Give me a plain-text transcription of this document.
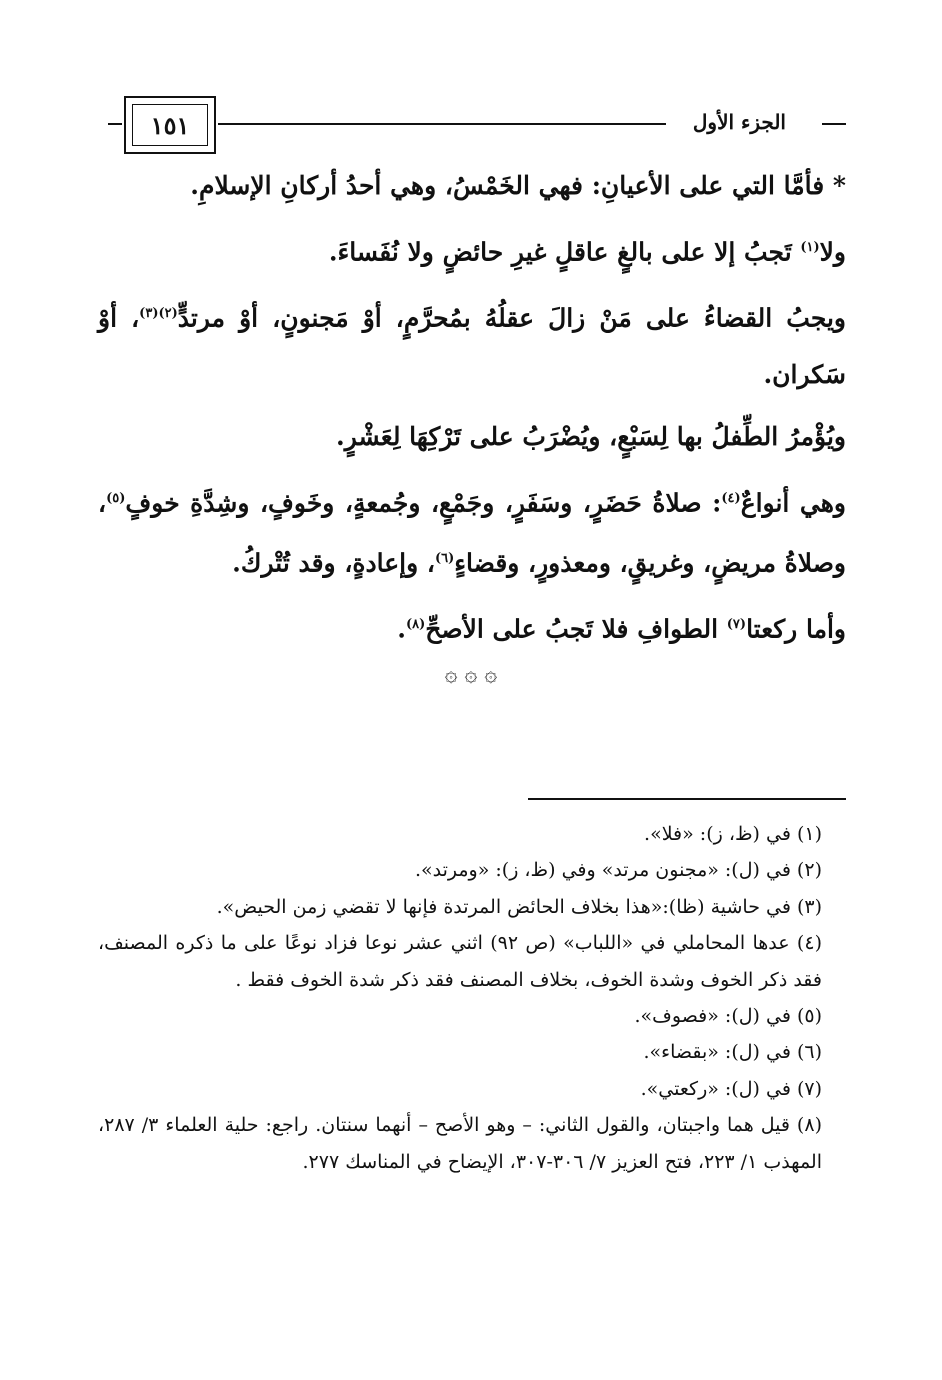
١٥١	الجزء الأول

* فأمَّا التي على الأعيانِ: فهي الخَمْسُ، وهي أحدُ أركانِ الإسلامِ.

ولا$^{(١)}$ تَجبُ إلا على بالغٍ عاقلٍ غيرِ حائضٍ ولا نُفَساءَ.

ويجبُ القضاءُ على مَنْ زالَ عقلُهُ بمُحرَّمٍ، أوْ مَجنونٍ، أوْ مرتدٍّ$^{(٢)(٣)}$، أوْ سَكران.

ويُؤْمرُ الطِّفلُ بها لِسَبْعٍ، ويُضْرَبُ على تَرْكِهَا لِعَشْرٍ.

وهي أنواعٌ$^{(٤)}$: صلاةُ حَضَرٍ، وسَفَرٍ، وجَمْعٍ، وجُمعةٍ، وخَوفٍ، وشِدَّةِ خوفٍ$^{(٥)}$، وصلاةُ مريضٍ، وغريقٍ، ومعذورٍ، وقضاءٍ$^{(٦)}$، وإعادةٍ، وقد تُتْركُ.

وأما ركعتا$^{(٧)}$ الطوافِ فلا تَجبُ على الأصحِّ$^{(٨)}$.

۞ ۞ ۞

(١) في (ظ، ز): «فلا».

(٢) في (ل): «مجنون مرتد» وفي (ظ، ز): «ومرتد».

(٣) في حاشية (ظا):«هذا بخلاف الحائض المرتدة فإنها لا تقضي زمن الحيض».

(٤) عدها المحاملي في «اللباب» (ص ٩٢) اثني عشر نوعا فزاد نوعًا على ما ذكره المصنف، فقد ذكر الخوف وشدة الخوف، بخلاف المصنف فقد ذكر شدة الخوف فقط .

(٥) في (ل): «فصوف».

(٦) في (ل): «بقضاء».

(٧) في (ل): «ركعتي».

(٨) قيل هما واجبتان، والقول الثاني: – وهو الأصح – أنهما سنتان. راجع: حلية العلماء ٣/ ٢٨٧، المهذب ١/ ٢٢٣، فتح العزيز ٧/ ٣٠٦-٣٠٧، الإيضاح في المناسك ٢٧٧.
